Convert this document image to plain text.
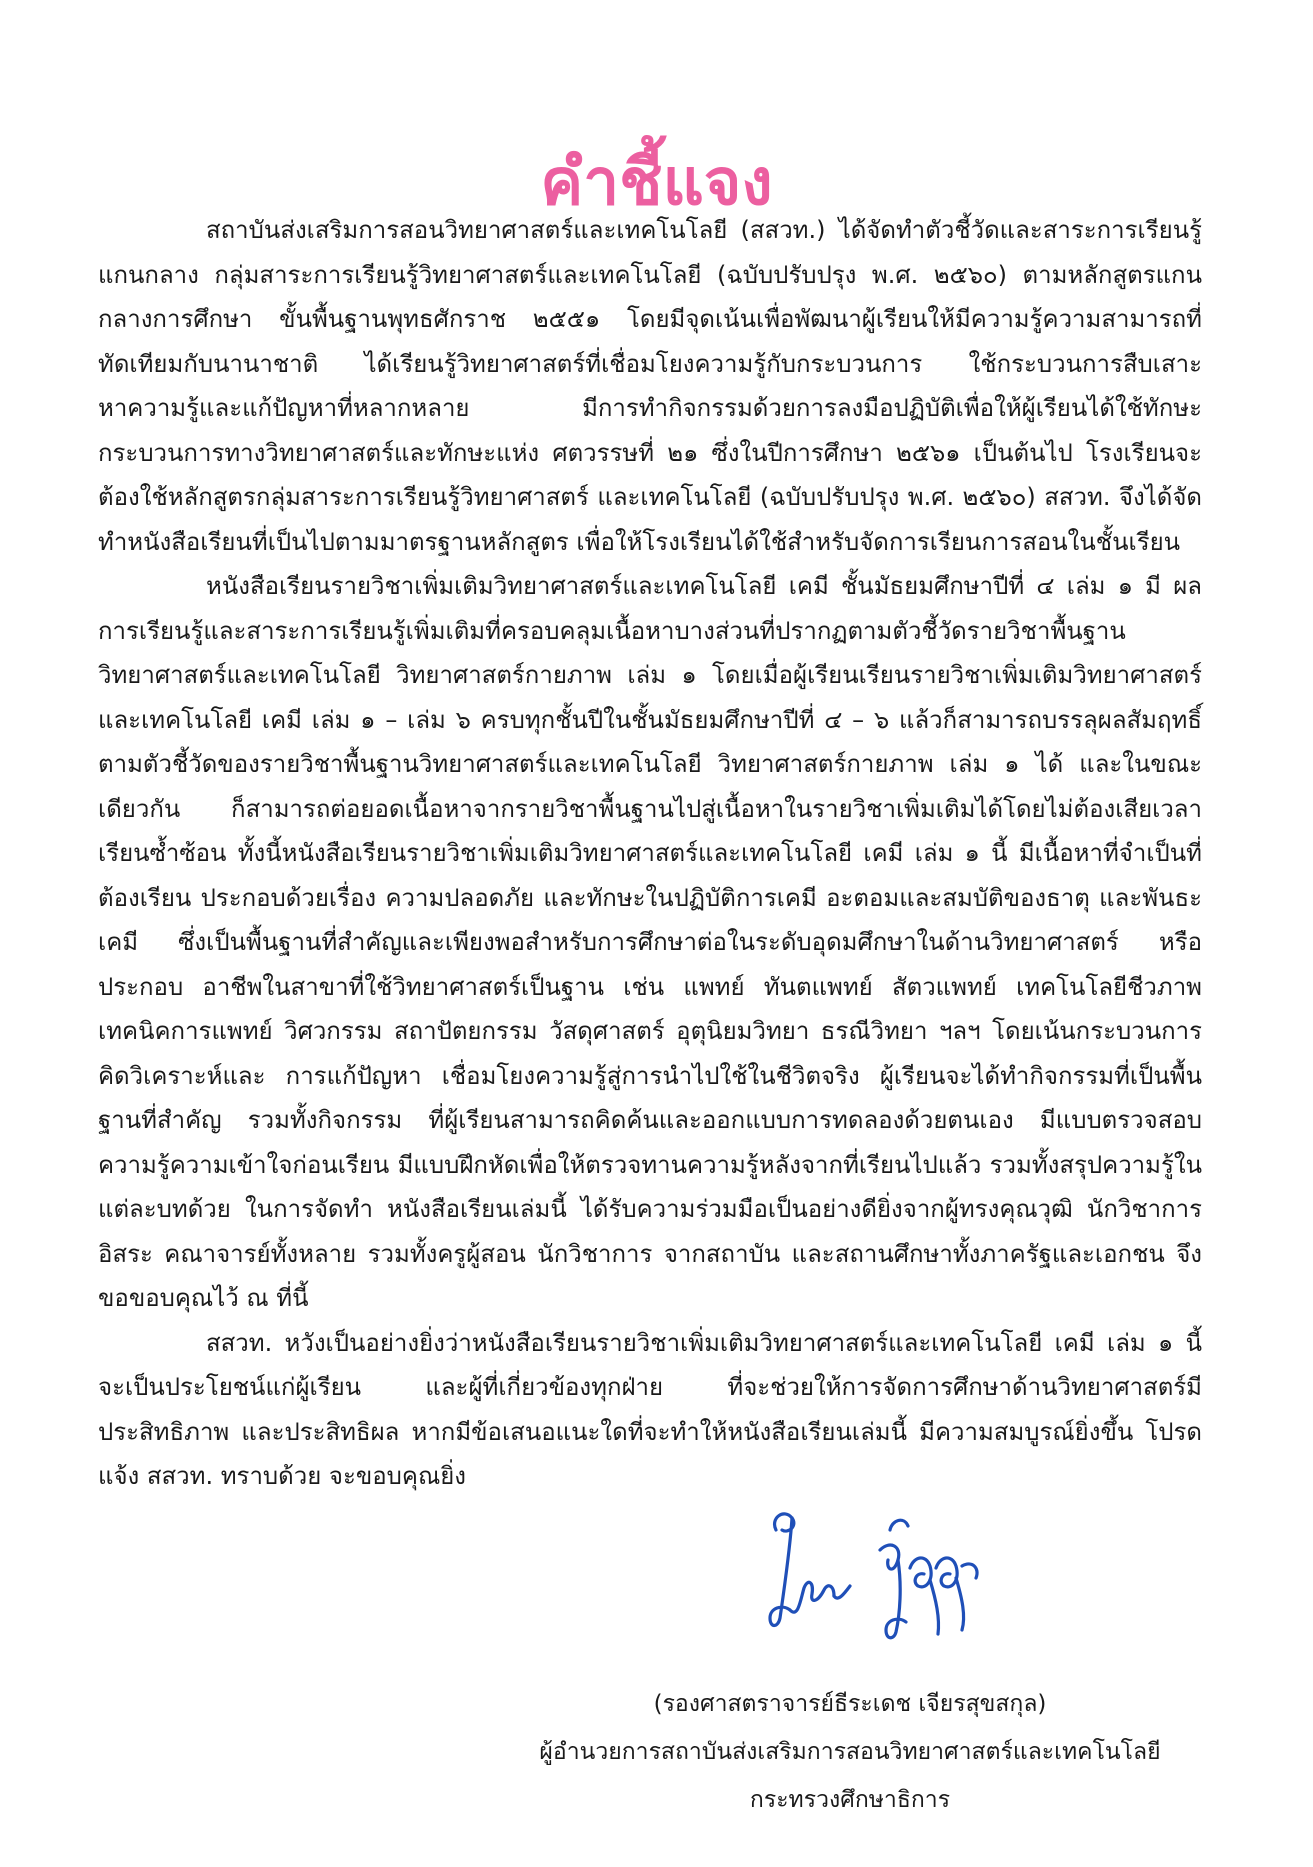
คำชี้แจง

สถาบันส่งเสริมการสอนวิทยาศาสตร์และเทคโนโลยี (สสวท.) ได้จัดทำตัวชี้วัดและสาระการเรียนรู้แกนกลาง กลุ่มสาระการเรียนรู้วิทยาศาสตร์และเทคโนโลยี (ฉบับปรับปรุง พ.ศ. ๒๕๖๐) ตามหลักสูตรแกนกลางการศึกษา ขั้นพื้นฐานพุทธศักราช ๒๕๕๑ โดยมีจุดเน้นเพื่อพัฒนาผู้เรียนให้มีความรู้ความสามารถที่ทัดเทียมกับนานาชาติ ได้เรียนรู้วิทยาศาสตร์ที่เชื่อมโยงความรู้กับกระบวนการ ใช้กระบวนการสืบเสาะหาความรู้และแก้ปัญหาที่หลากหลาย มีการทำกิจกรรมด้วยการลงมือปฏิบัติเพื่อให้ผู้เรียนได้ใช้ทักษะกระบวนการทางวิทยาศาสตร์และทักษะแห่ง ศตวรรษที่ ๒๑ ซึ่งในปีการศึกษา ๒๕๖๑ เป็นต้นไป โรงเรียนจะต้องใช้หลักสูตรกลุ่มสาระการเรียนรู้วิทยาศาสตร์ และเทคโนโลยี (ฉบับปรับปรุง พ.ศ. ๒๕๖๐) สสวท. จึงได้จัดทำหนังสือเรียนที่เป็นไปตามมาตรฐานหลักสูตร เพื่อให้โรงเรียนได้ใช้สำหรับจัดการเรียนการสอนในชั้นเรียน

หนังสือเรียนรายวิชาเพิ่มเติมวิทยาศาสตร์และเทคโนโลยี เคมี ชั้นมัธยมศึกษาปีที่ ๔ เล่ม ๑ มี ผลการเรียนรู้และสาระการเรียนรู้เพิ่มเติมที่ครอบคลุมเนื้อหาบางส่วนที่ปรากฏตามตัวชี้วัดรายวิชาพื้นฐาน วิทยาศาสตร์และเทคโนโลยี วิทยาศาสตร์กายภาพ เล่ม ๑ โดยเมื่อผู้เรียนเรียนรายวิชาเพิ่มเติมวิทยาศาสตร์ และเทคโนโลยี เคมี เล่ม ๑ – เล่ม ๖ ครบทุกชั้นปีในชั้นมัธยมศึกษาปีที่ ๔ – ๖ แล้วก็สามารถบรรลุผลสัมฤทธิ์ ตามตัวชี้วัดของรายวิชาพื้นฐานวิทยาศาสตร์และเทคโนโลยี วิทยาศาสตร์กายภาพ เล่ม ๑ ได้ และในขณะเดียวกัน ก็สามารถต่อยอดเนื้อหาจากรายวิชาพื้นฐานไปสู่เนื้อหาในรายวิชาเพิ่มเติมได้โดยไม่ต้องเสียเวลาเรียนซ้ำซ้อน ทั้งนี้หนังสือเรียนรายวิชาเพิ่มเติมวิทยาศาสตร์และเทคโนโลยี เคมี เล่ม ๑ นี้ มีเนื้อหาที่จำเป็นที่ต้องเรียน ประกอบด้วยเรื่อง ความปลอดภัย และทักษะในปฏิบัติการเคมี อะตอมและสมบัติของธาตุ และพันธะเคมี ซึ่งเป็นพื้นฐานที่สำคัญและเพียงพอสำหรับการศึกษาต่อในระดับอุดมศึกษาในด้านวิทยาศาสตร์ หรือประกอบ อาชีพในสาขาที่ใช้วิทยาศาสตร์เป็นฐาน เช่น แพทย์ ทันตแพทย์ สัตวแพทย์ เทคโนโลยีชีวภาพ เทคนิคการแพทย์ วิศวกรรม สถาปัตยกรรม วัสดุศาสตร์ อุตุนิยมวิทยา ธรณีวิทยา ฯลฯ โดยเน้นกระบวนการคิดวิเคราะห์และ การแก้ปัญหา เชื่อมโยงความรู้สู่การนำไปใช้ในชีวิตจริง ผู้เรียนจะได้ทำกิจกรรมที่เป็นพื้นฐานที่สำคัญ รวมทั้งกิจกรรม ที่ผู้เรียนสามารถคิดค้นและออกแบบการทดลองด้วยตนเอง มีแบบตรวจสอบความรู้ความเข้าใจก่อนเรียน มีแบบฝึกหัดเพื่อให้ตรวจทานความรู้หลังจากที่เรียนไปแล้ว รวมทั้งสรุปความรู้ในแต่ละบทด้วย ในการจัดทำ หนังสือเรียนเล่มนี้ ได้รับความร่วมมือเป็นอย่างดียิ่งจากผู้ทรงคุณวุฒิ นักวิชาการอิสระ คณาจารย์ทั้งหลาย รวมทั้งครูผู้สอน นักวิชาการ จากสถาบัน และสถานศึกษาทั้งภาครัฐและเอกชน จึงขอขอบคุณไว้ ณ ที่นี้

สสวท. หวังเป็นอย่างยิ่งว่าหนังสือเรียนรายวิชาเพิ่มเติมวิทยาศาสตร์และเทคโนโลยี เคมี เล่ม ๑ นี้ จะเป็นประโยชน์แก่ผู้เรียน และผู้ที่เกี่ยวข้องทุกฝ่าย ที่จะช่วยให้การจัดการศึกษาด้านวิทยาศาสตร์มีประสิทธิภาพ และประสิทธิผล หากมีข้อเสนอแนะใดที่จะทำให้หนังสือเรียนเล่มนี้ มีความสมบูรณ์ยิ่งขึ้น โปรดแจ้ง สสวท. ทราบด้วย จะขอบคุณยิ่ง

(รองศาสตราจารย์ธีระเดช เจียรสุขสกุล)
ผู้อำนวยการสถาบันส่งเสริมการสอนวิทยาศาสตร์และเทคโนโลยี
กระทรวงศึกษาธิการ
